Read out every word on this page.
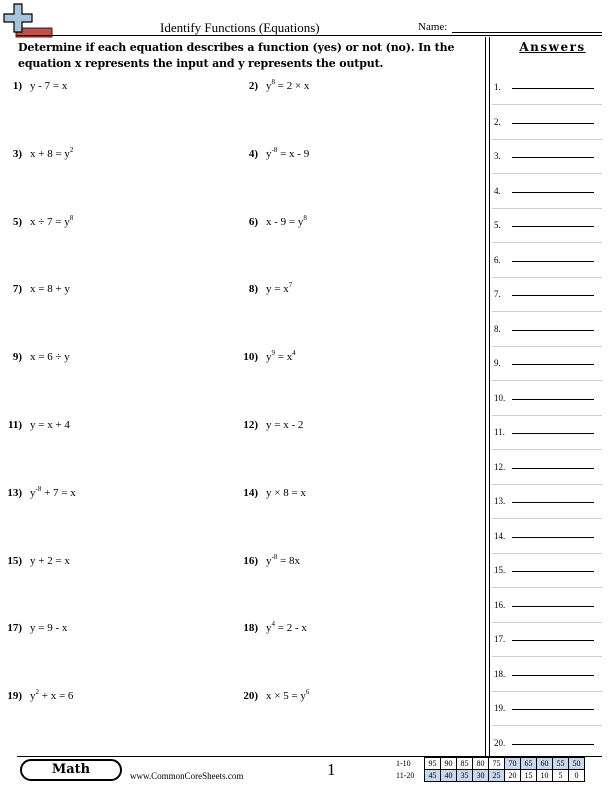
Identify Functions (Equations)	Name:
Determine if each equation describes a function (yes) or not (no). In the equation x represents the input and y represents the output.
1) y - 7 = x	2) $y^8 = 2 \times x$
3) $x + 8 = y^2$	4) $y^{-8} = x - 9$
5) $x \div 7 = y^8$	6) $x - 9 = y^8$
7) x = 8 + y	8) $y = x^7$
9) x = 6 ÷ y	10) $y^9 = x^4$
11) y = x + 4	12) y = x - 2
13) $y^{-8} + 7 = x$	14) y × 8 = x
15) y + 2 = x	16) $y^{-8} = 8x$
17) y = 9 - x	18) $y^4 = 2 - x$
19) $y^2 + x = 6$	20) $x \times 5 = y^6$
Answers
1.
2.
3.
4.
5.
6.
7.
8.
9.
10.
11.
12.
13.
14.
15.
16.
17.
18.
19.
20.
Math	www.CommonCoreSheets.com	1	1-10	95	90	85	80	75	70	65	60	55	50
11-20	45	40	35	30	25	20	15	10	5	0
